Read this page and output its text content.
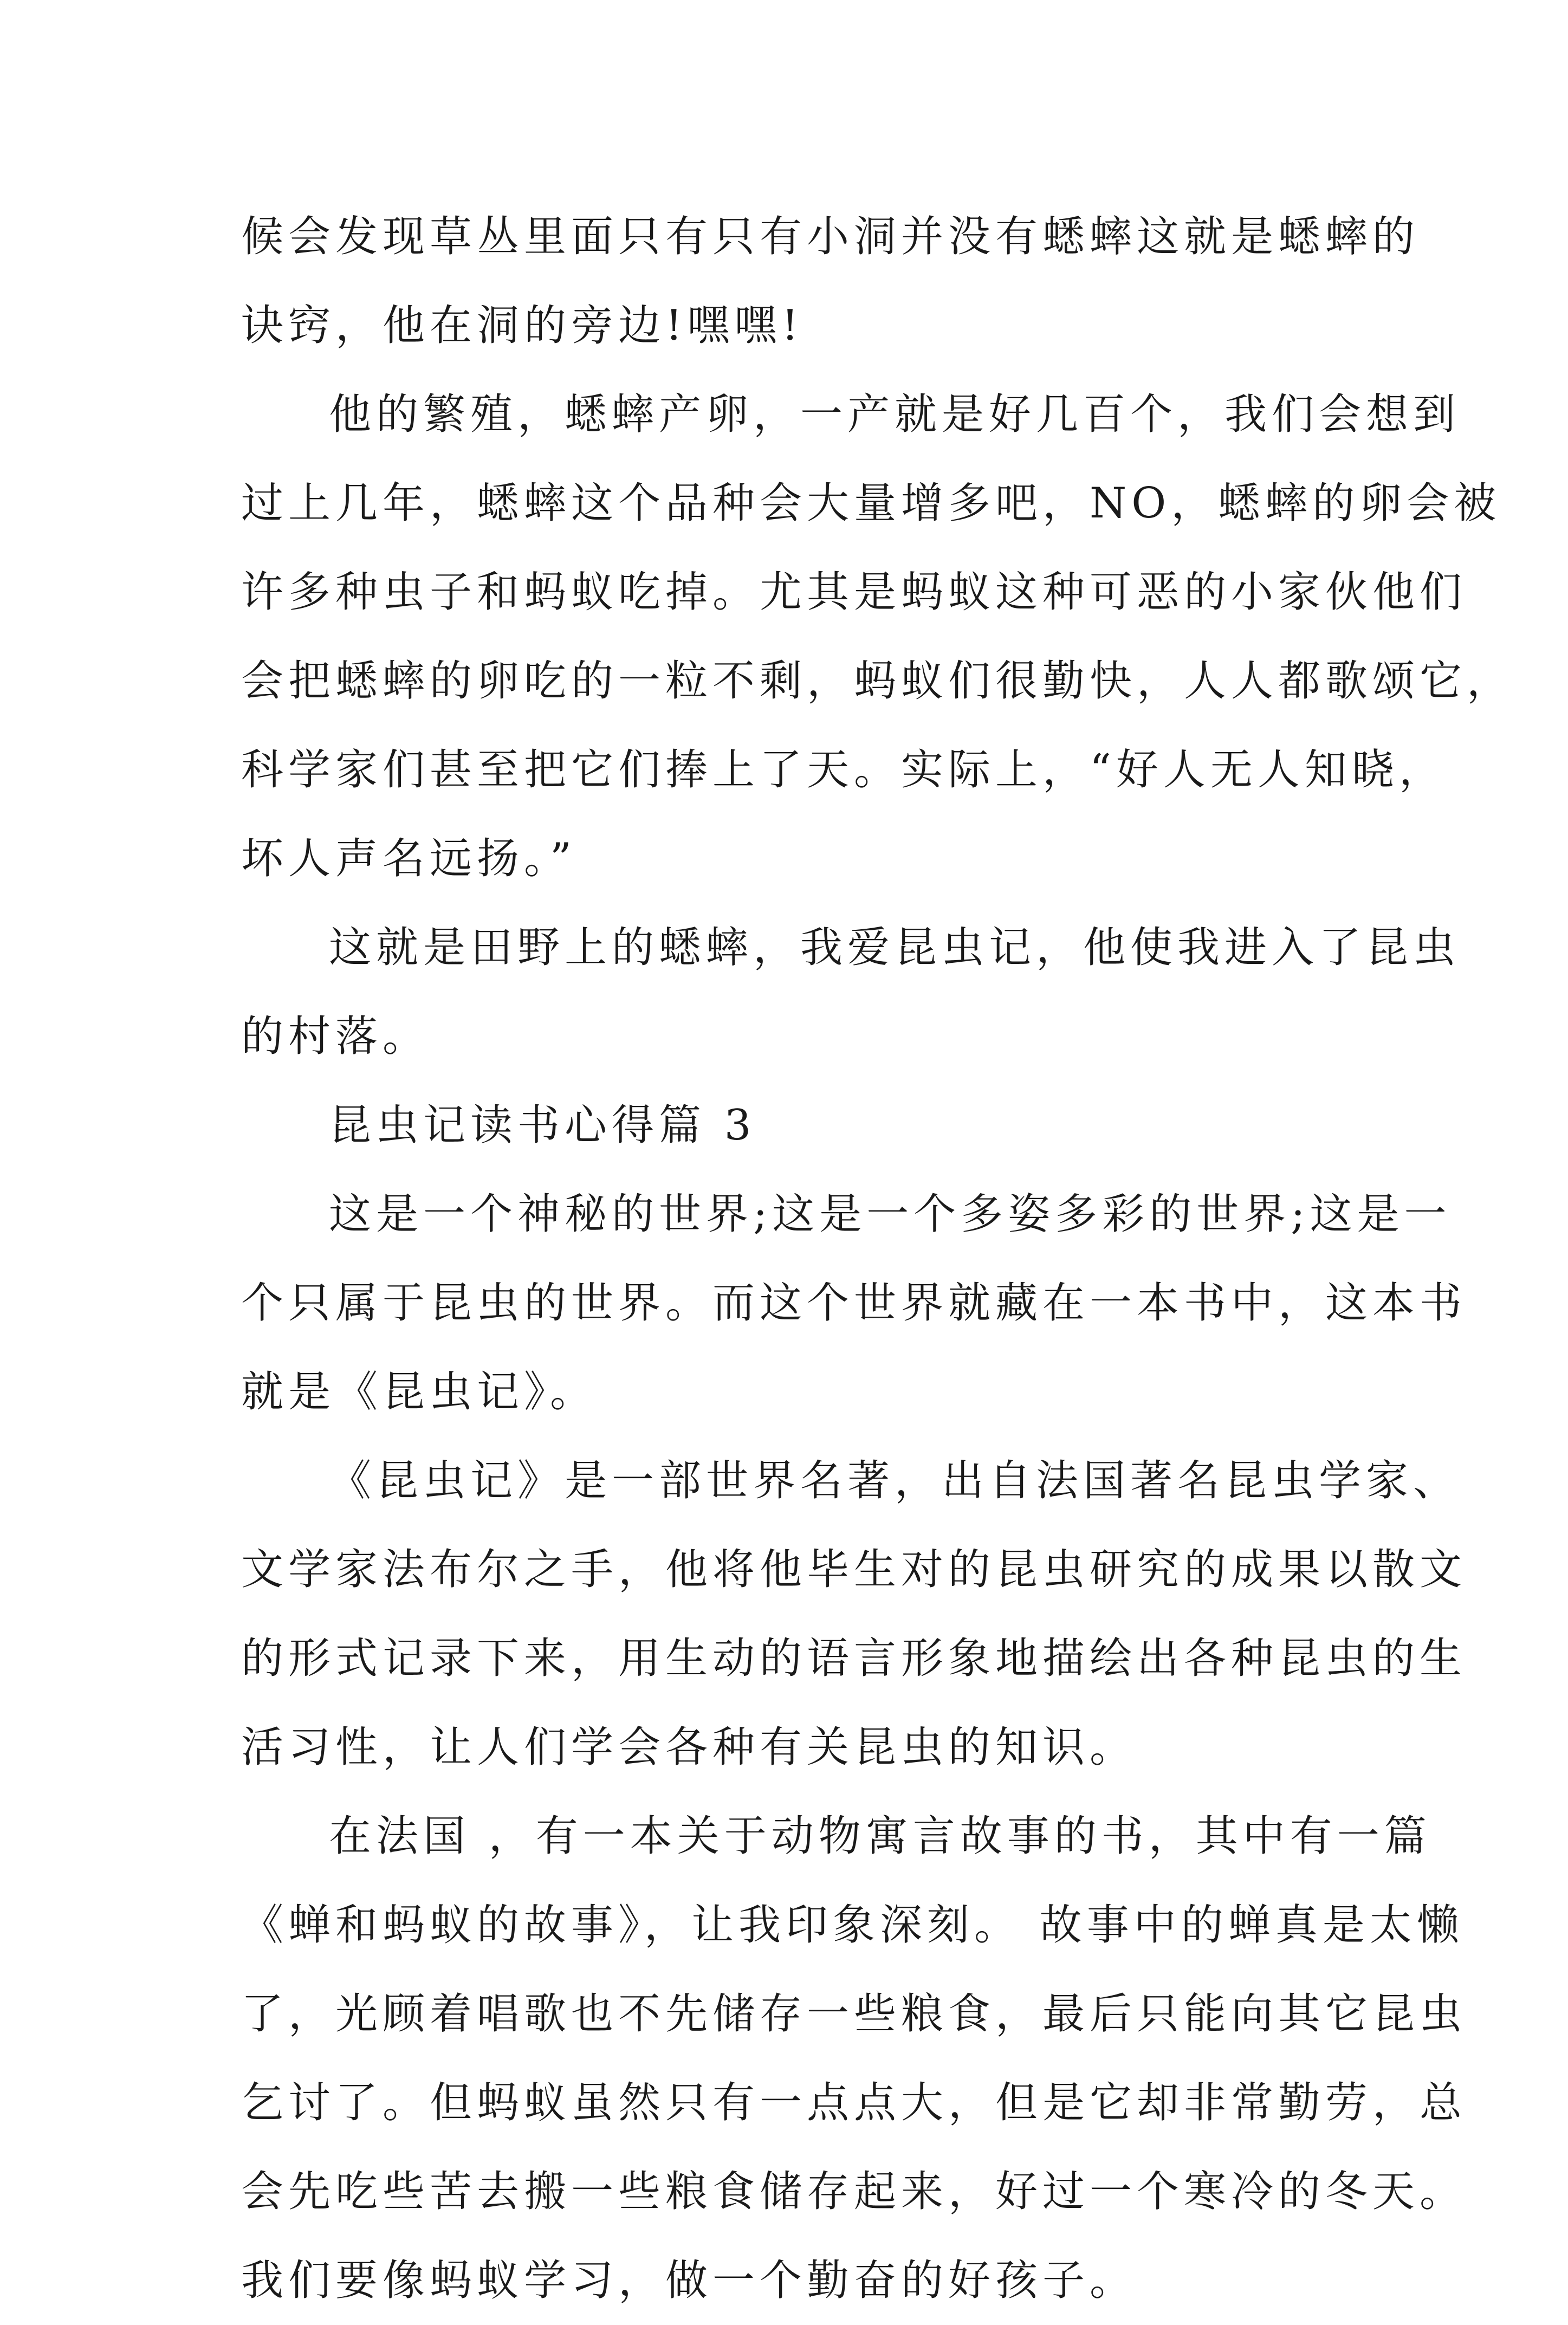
候会发现草丛里面只有只有小洞并没有蟋蟀这就是蟋蟀的
诀窍，他在洞的旁边!嘿嘿!
他的繁殖，蟋蟀产卵，一产就是好几百个，我们会想到
过上几年，蟋蟀这个品种会大量增多吧，NO，蟋蟀的卵会被
许多种虫子和蚂蚁吃掉。尤其是蚂蚁这种可恶的小家伙他们
会把蟋蟀的卵吃的一粒不剩，蚂蚁们很勤快，人人都歌颂它，
科学家们甚至把它们捧上了天。实际上，“好人无人知晓，
坏人声名远扬。”
这就是田野上的蟋蟀，我爱昆虫记，他使我进入了昆虫
的村落。
昆虫记读书心得篇 3
这是一个神秘的世界;这是一个多姿多彩的世界;这是一
个只属于昆虫的世界。而这个世界就藏在一本书中，这本书
就是《昆虫记》。
《昆虫记》是一部世界名著，出自法国著名昆虫学家、
文学家法布尔之手，他将他毕生对的昆虫研究的成果以散文
的形式记录下来，用生动的语言形象地描绘出各种昆虫的生
活习性，让人们学会各种有关昆虫的知识。
在法国 ，有一本关于动物寓言故事的书，其中有一篇
《蝉和蚂蚁的故事》，让我印象深刻。 故事中的蝉真是太懒
了，光顾着唱歌也不先储存一些粮食，最后只能向其它昆虫
乞讨了。但蚂蚁虽然只有一点点大，但是它却非常勤劳，总
会先吃些苦去搬一些粮食储存起来，好过一个寒冷的冬天。
我们要像蚂蚁学习，做一个勤奋的好孩子。
